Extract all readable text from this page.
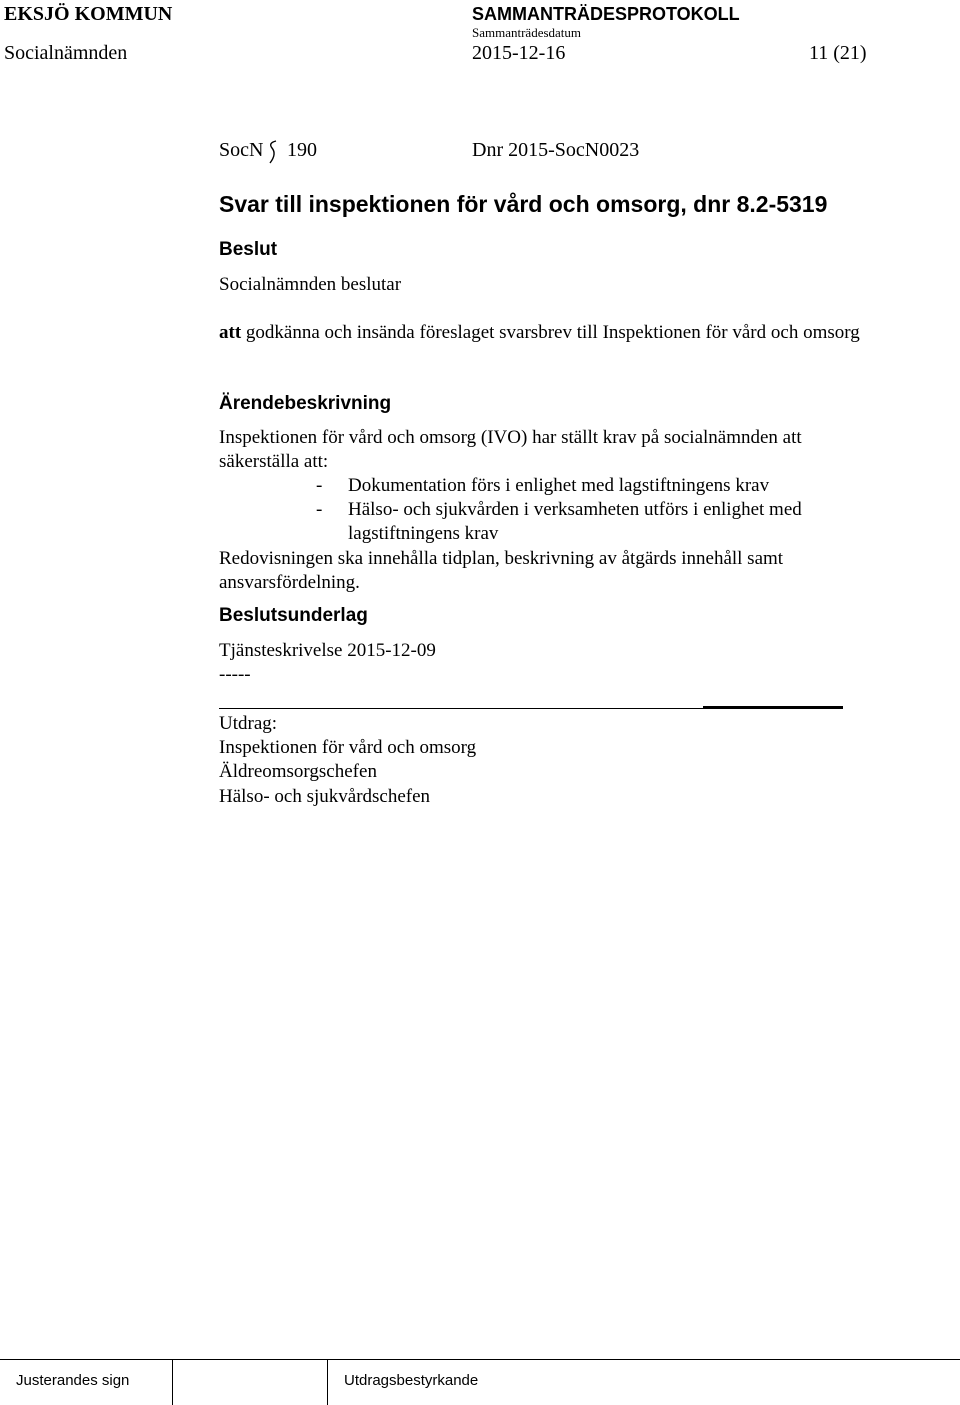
EKSJÖ KOMMUN
Socialnämnden
SAMMANTRÄDESPROTOKOLL
Sammanträdesdatum
2015-12-16	11 (21)
SocN 190	Dnr 2015-SocN0023
Svar till inspektionen för vård och omsorg, dnr 8.2-5319
Beslut
Socialnämnden beslutar
att godkänna och insända föreslaget svarsbrev till Inspektionen för vård och omsorg
Ärendebeskrivning
Inspektionen för vård och omsorg (IVO) har ställt krav på socialnämnden att
säkerställa att:
- Dokumentation förs i enlighet med lagstiftningens krav
- Hälso- och sjukvården i verksamheten utförs i enlighet med
lagstiftningens krav
Redovisningen ska innehålla tidplan, beskrivning av åtgärds innehåll samt
ansvarsfördelning.
Beslutsunderlag
Tjänsteskrivelse 2015-12-09
-----
Utdrag:
Inspektionen för vård och omsorg
Äldreomsorgschefen
Hälso- och sjukvårdschefen
Justerandes sign	Utdragsbestyrkande
